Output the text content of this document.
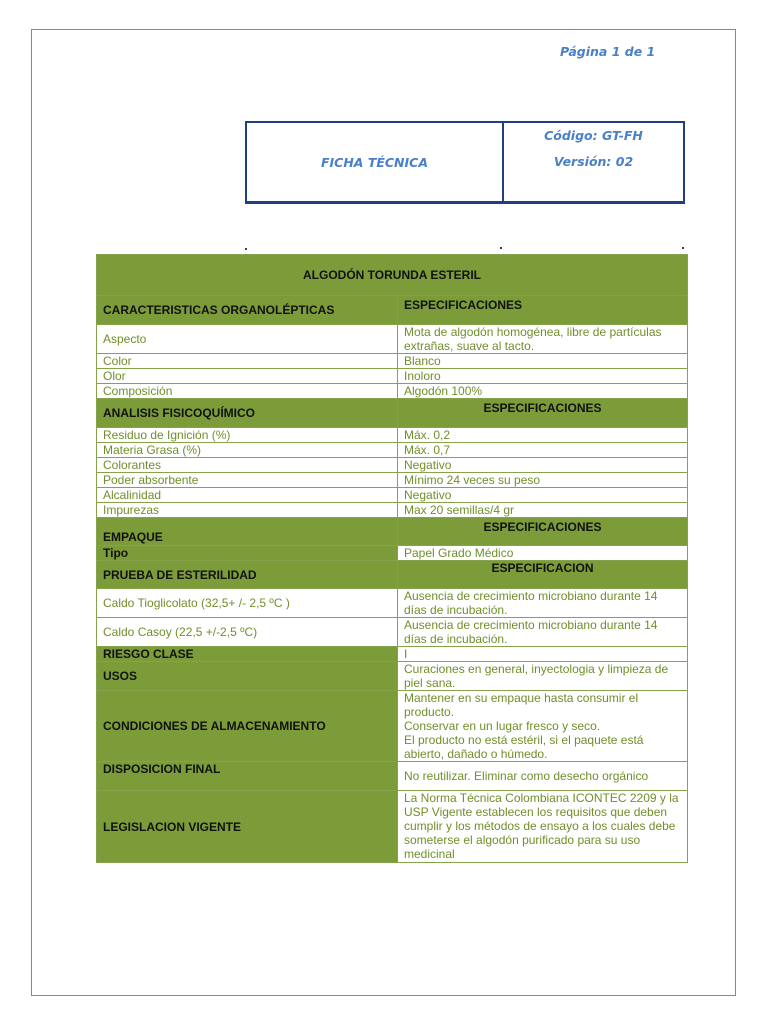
Página 1 de 1
FICHA TÉCNICA
Código: GT-FH
Versión: 02
ALGODÓN TORUNDA ESTERIL	
CARACTERISTICAS ORGANOLÉPTICAS	ESPECIFICACIONES

Aspecto	Mota de algodón homogénea, libre de partículas extrañas, suave al tacto.
Color	Blanco
Olor	Inoloro
Composición	Algodón 100%
ANALISIS FISICOQUÍMICO	ESPECIFICACIONES

Residuo de Ignición (%)	Máx. 0,2
Materia Grasa (%)	Máx. 0,7
Colorantes	Negativo
Poder absorbente	Mínimo 24 veces su peso
Alcalinidad	Negativo
Impurezas	Max 20 semillas/4 gr
EMPAQUE	ESPECIFICACIONES

Tipo	Papel Grado Médico
PRUEBA DE ESTERILIDAD	ESPECIFICACION

Caldo Tioglicolato (32,5+ /- 2,5 ºC )	Ausencia de crecimiento microbiano durante 14 días de incubación.
Caldo Casoy (22,5 +/-2,5 ºC)	Ausencia de crecimiento microbiano durante 14 días de incubación.
RIESGO CLASE	I
USOS	Curaciones en general, inyectologia y limpieza de piel sana.
CONDICIONES DE ALMACENAMIENTO	Mantener en su empaque hasta consumir el producto.
Conservar en un lugar fresco y seco.
El producto no está estéril, si el paquete está abierto, dañado o húmedo.

DISPOSICION FINAL	No reutilizar. Eliminar como desecho orgánico
LEGISLACION VIGENTE	La Norma Técnica Colombiana ICONTEC 2209 y la USP Vigente establecen los requisitos que deben cumplir y los métodos de ensayo a los cuales debe someterse el algodón purificado para su uso medicinal
